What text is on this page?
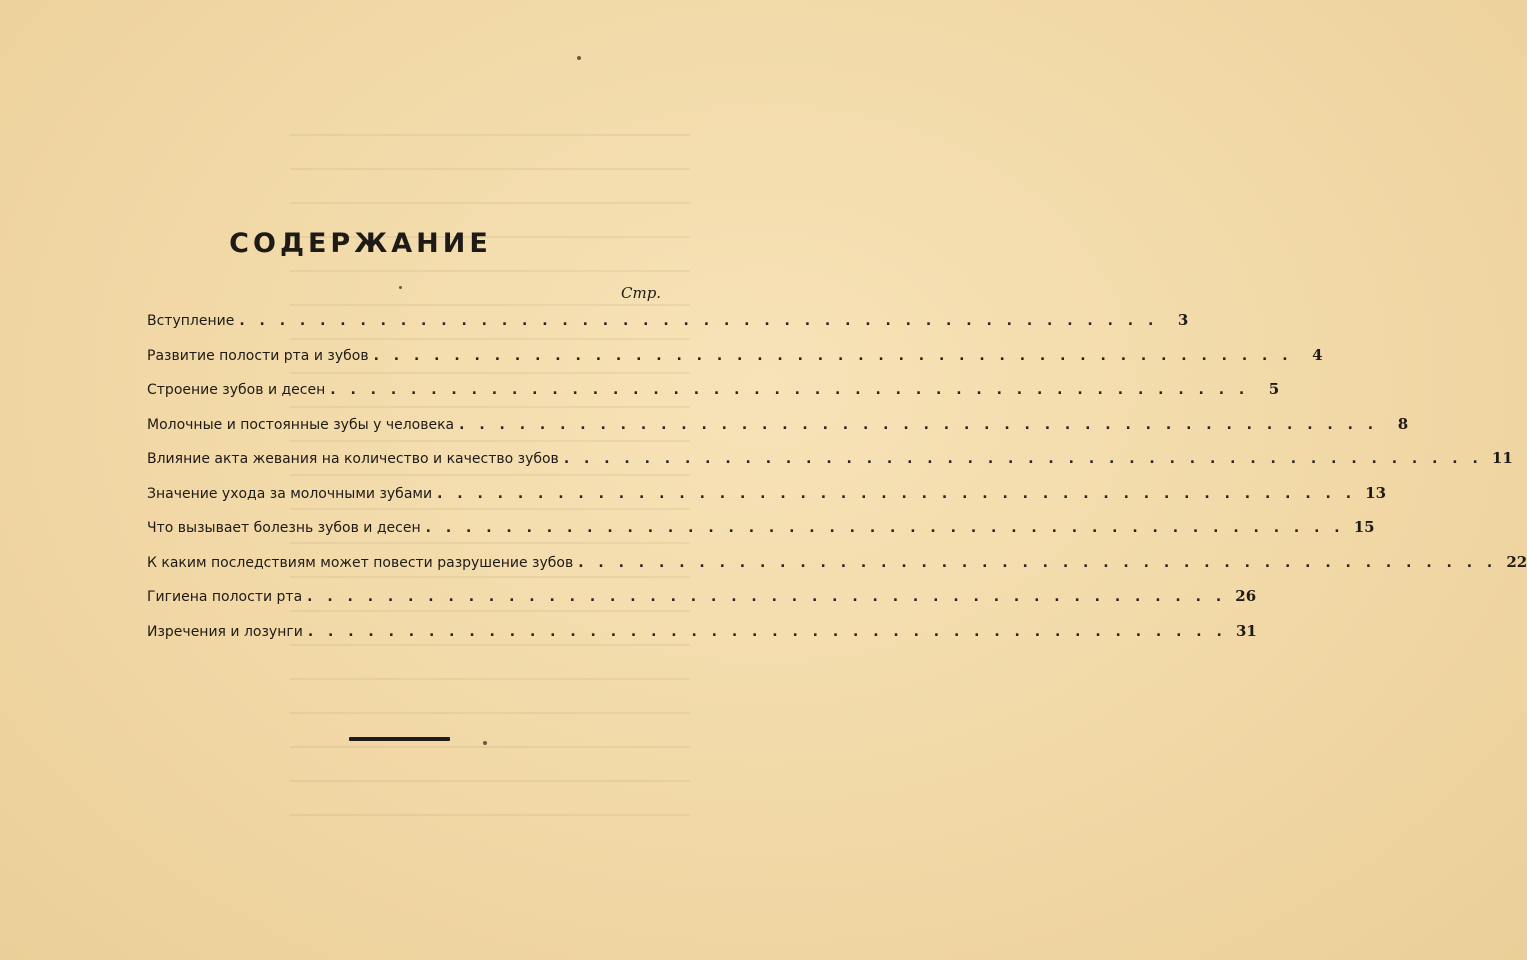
СОДЕРЖАНИЕ
Стр.
Вступление . . . . . . . . . . . . . . . . . . . . . . . . . . . . . . . . . . . . . . . . . . . . . .	3
Развитие полости рта и зубов . . . . . . . . . . . . . . . . . . . . . . . . . . . . . . . . . . . . . . . . . . . . . .	4
Строение зубов и десен . . . . . . . . . . . . . . . . . . . . . . . . . . . . . . . . . . . . . . . . . . . . . .	5
Молочные и постоянные зубы у человека . . . . . . . . . . . . . . . . . . . . . . . . . . . . . . . . . . . . . . . . . . . . . .	8
Влияние акта жевания на количество и качество зубов . . . . . . . . . . . . . . . . . . . . . . . . . . . . . . . . . . . . . . . . . . . . . . 11
Значение ухода за молочными зубами . . . . . . . . . . . . . . . . . . . . . . . . . . . . . . . . . . . . . . . . . . . . . . 13
Что вызывает болезнь зубов и десен . . . . . . . . . . . . . . . . . . . . . . . . . . . . . . . . . . . . . . . . . . . . . . 15
К каким последствиям может повести разрушение зубов . . . . . . . . . . . . . . . . . . . . . . . . . . . . . . . . . . . . . . . . . . . . . . 22
Гигиена полости рта . . . . . . . . . . . . . . . . . . . . . . . . . . . . . . . . . . . . . . . . . . . . . . 26
Изречения и лозунги . . . . . . . . . . . . . . . . . . . . . . . . . . . . . . . . . . . . . . . . . . . . . . 31
